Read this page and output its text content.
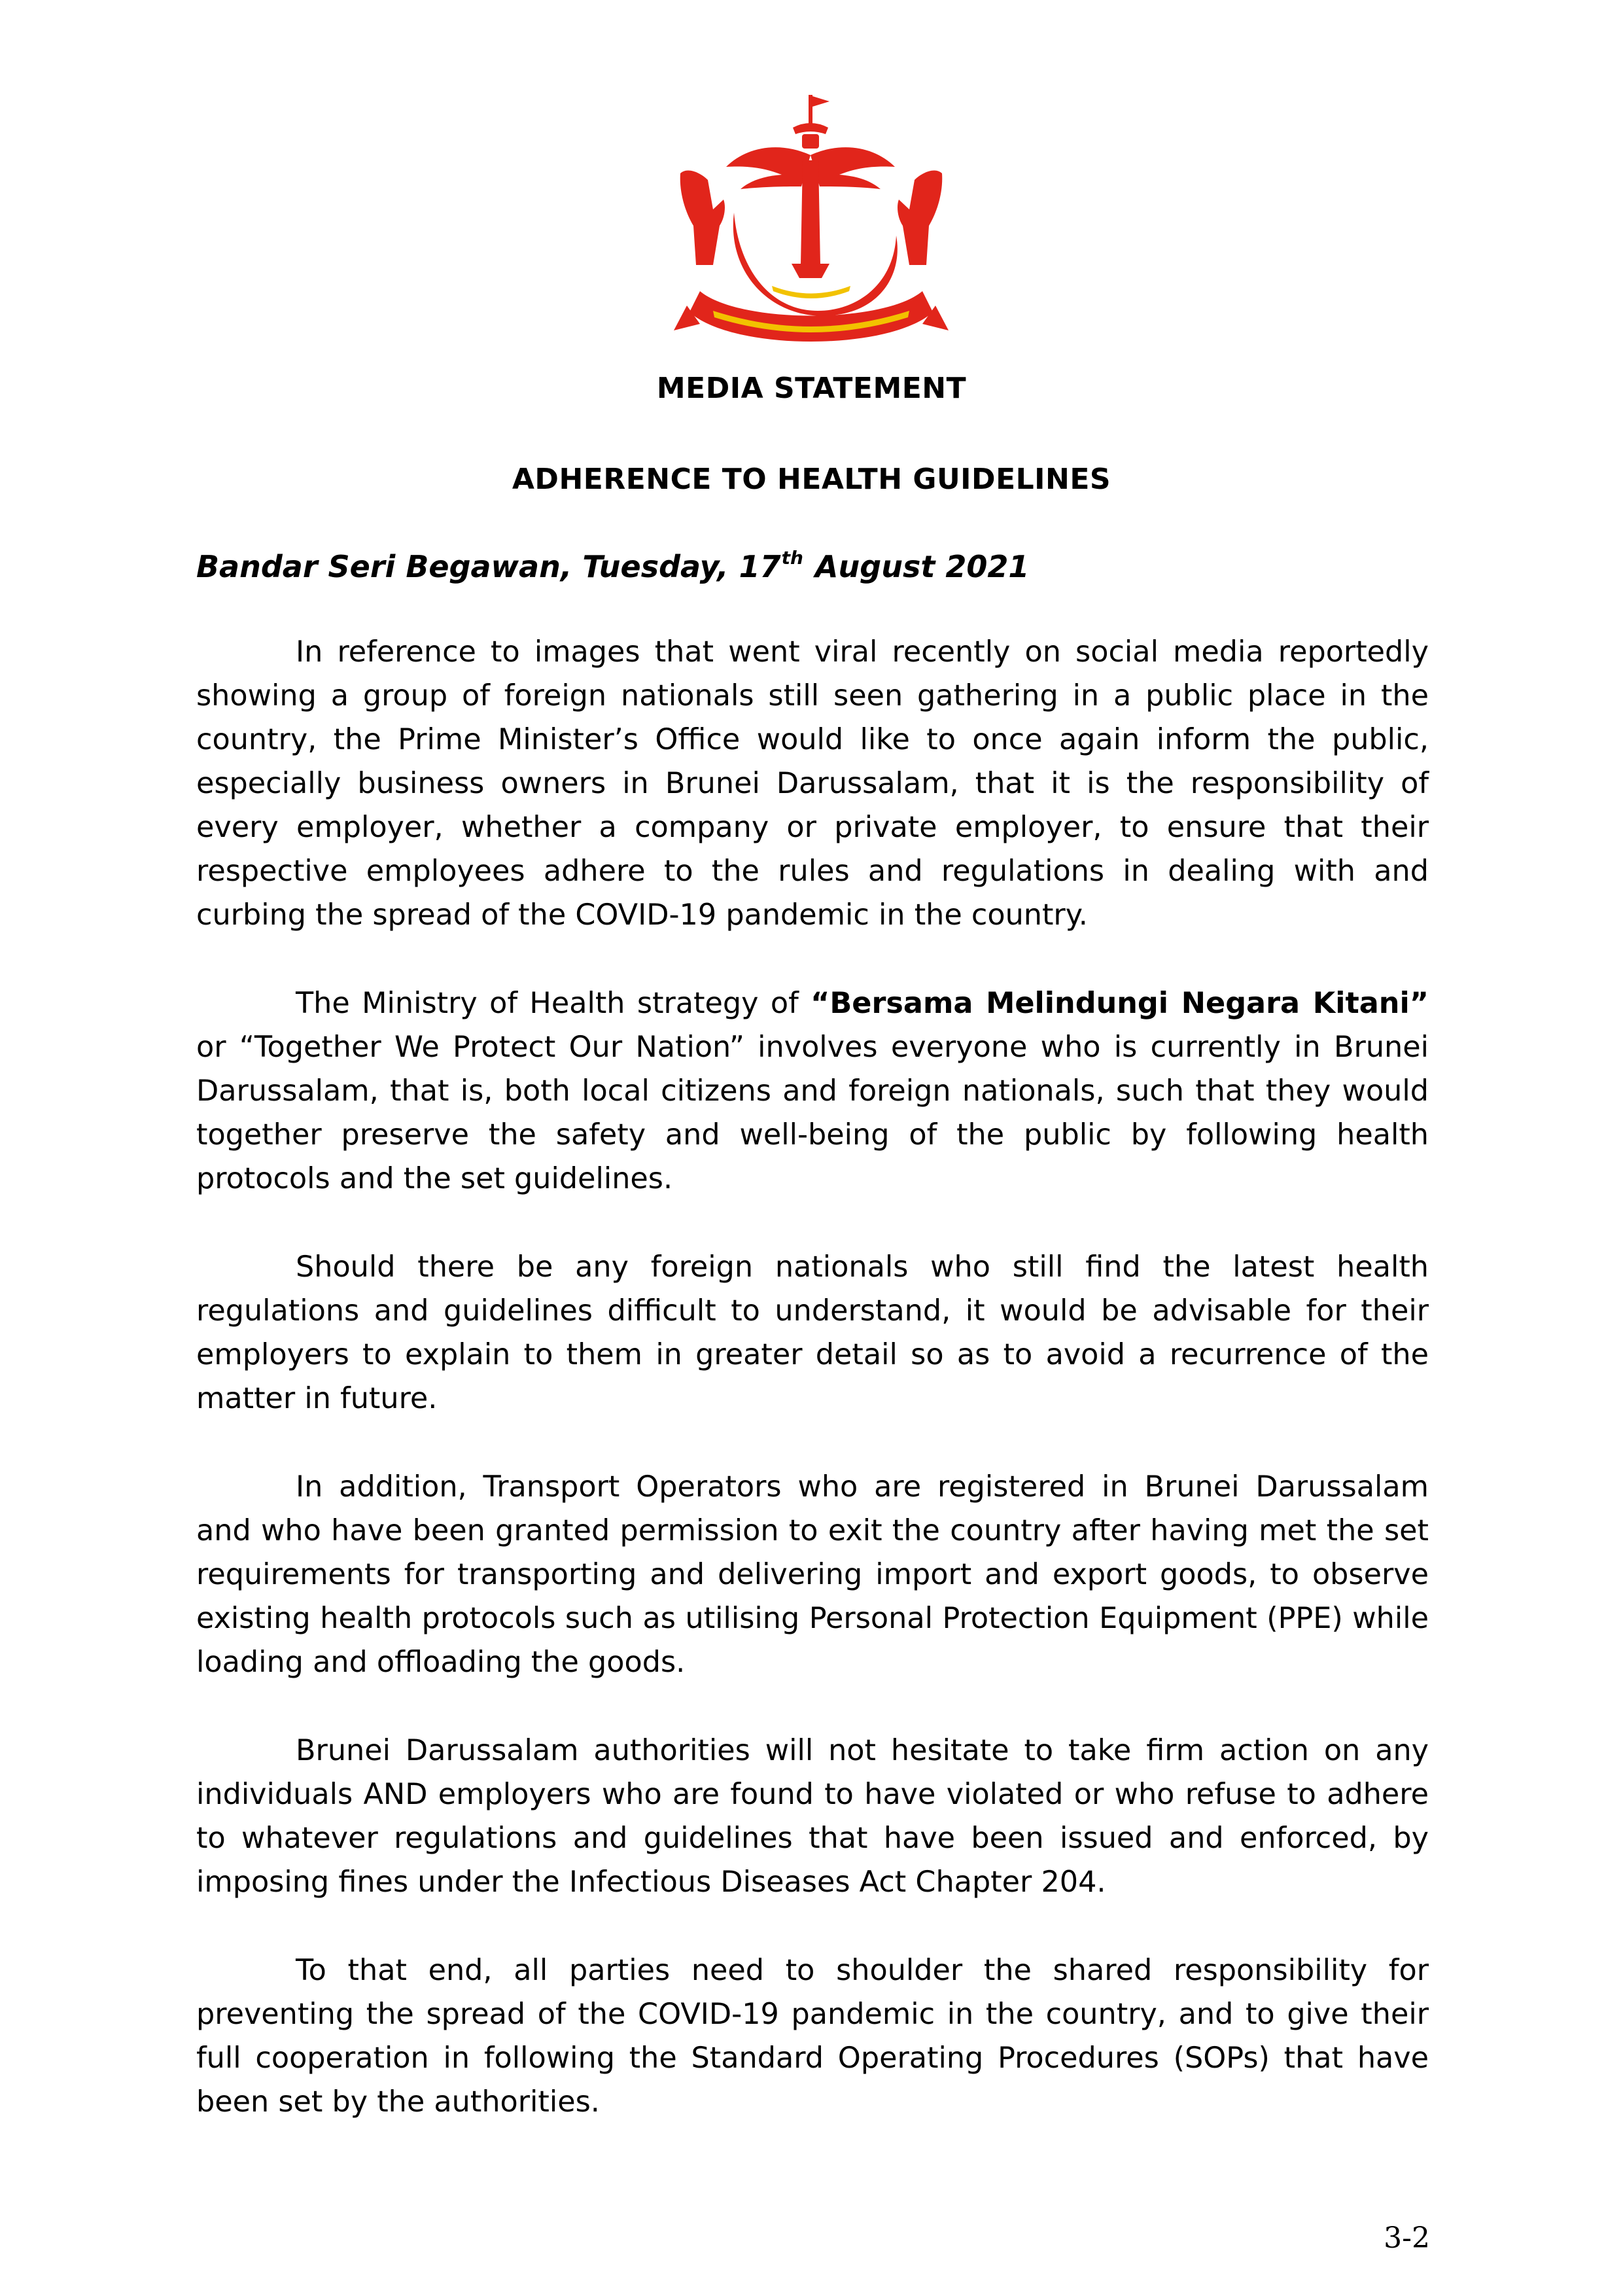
MEDIA STATEMENT
ADHERENCE TO HEALTH GUIDELINES
Bandar Seri Begawan, Tuesday, 17th August 2021

In reference to images that went viral recently on social media reportedly showing a group of foreign nationals still seen gathering in a public place in the country, the Prime Minister’s Office would like to once again inform the public, especially business owners in Brunei Darussalam, that it is the responsibility of every employer, whether a company or private employer, to ensure that their respective employees adhere to the rules and regulations in dealing with and curbing the spread of the COVID-19 pandemic in the country.

The Ministry of Health strategy of “Bersama Melindungi Negara Kitani” or “Together We Protect Our Nation” involves everyone who is currently in Brunei Darussalam, that is, both local citizens and foreign nationals, such that they would together preserve the safety and well-being of the public by following health protocols and the set guidelines.

Should there be any foreign nationals who still find the latest health regulations and guidelines difficult to understand, it would be advisable for their employers to explain to them in greater detail so as to avoid a recurrence of the matter in future.

In addition, Transport Operators who are registered in Brunei Darussalam and who have been granted permission to exit the country after having met the set requirements for transporting and delivering import and export goods, to observe existing health protocols such as utilising Personal Protection Equipment (PPE) while loading and offloading the goods.

Brunei Darussalam authorities will not hesitate to take firm action on any individuals AND employers who are found to have violated or who refuse to adhere to whatever regulations and guidelines that have been issued and enforced, by imposing fines under the Infectious Diseases Act Chapter 204.

To that end, all parties need to shoulder the shared responsibility for preventing the spread of the COVID-19 pandemic in the country, and to give their full cooperation in following the Standard Operating Procedures (SOPs) that have been set by the authorities.

3-2
